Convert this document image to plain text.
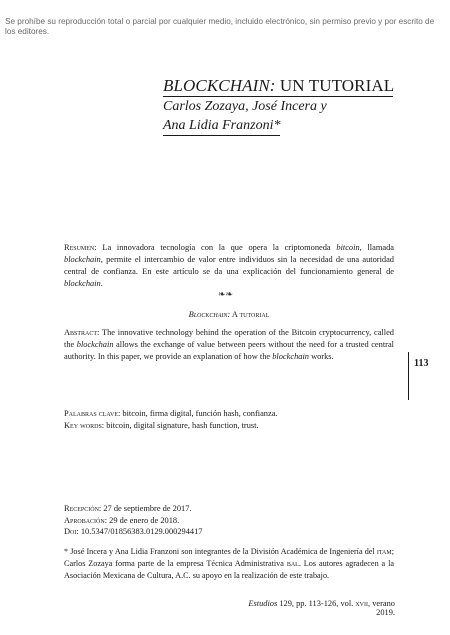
Se prohíbe su reproducción total o parcial por cualquier medio, incluido electrónico, sin permiso previo y por escrito de los editores.
BLOCKCHAIN: UN TUTORIAL
Carlos Zozaya, José Incera y
Ana Lidia Franzoni*
Resumen: La innovadora tecnología con la que opera la criptomoneda bitcoin, llamada blockchain, permite el intercambio de valor entre individuos sin la necesidad de una autoridad central de confianza. En este artículo se da una explicación del funcionamiento general de blockchain.
❧❧
Blockchain: A tutorial
Abstract: The innovative technology behind the operation of the Bitcoin cryptocurrency, called the blockchain allows the exchange of value between peers without the need for a trusted central authority. In this paper, we provide an explanation of how the blockchain works.
113
Palabras clave: bitcoin, firma digital, función hash, confianza.
Key words: bitcoin, digital signature, hash function, trust.
Recepción: 27 de septiembre de 2017.
Aprobación: 29 de enero de 2018.
Doi: 10.5347/01856383.0129.000294417
* José Incera y Ana Lidia Franzoni son integrantes de la División Académica de Ingeniería del itam; Carlos Zozaya forma parte de la empresa Técnica Administrativa bal. Los autores agradecen a la Asociación Mexicana de Cultura, A.C. su apoyo en la realización de este trabajo.
Estudios 129, pp. 113-126, vol. xvii, verano 2019.
